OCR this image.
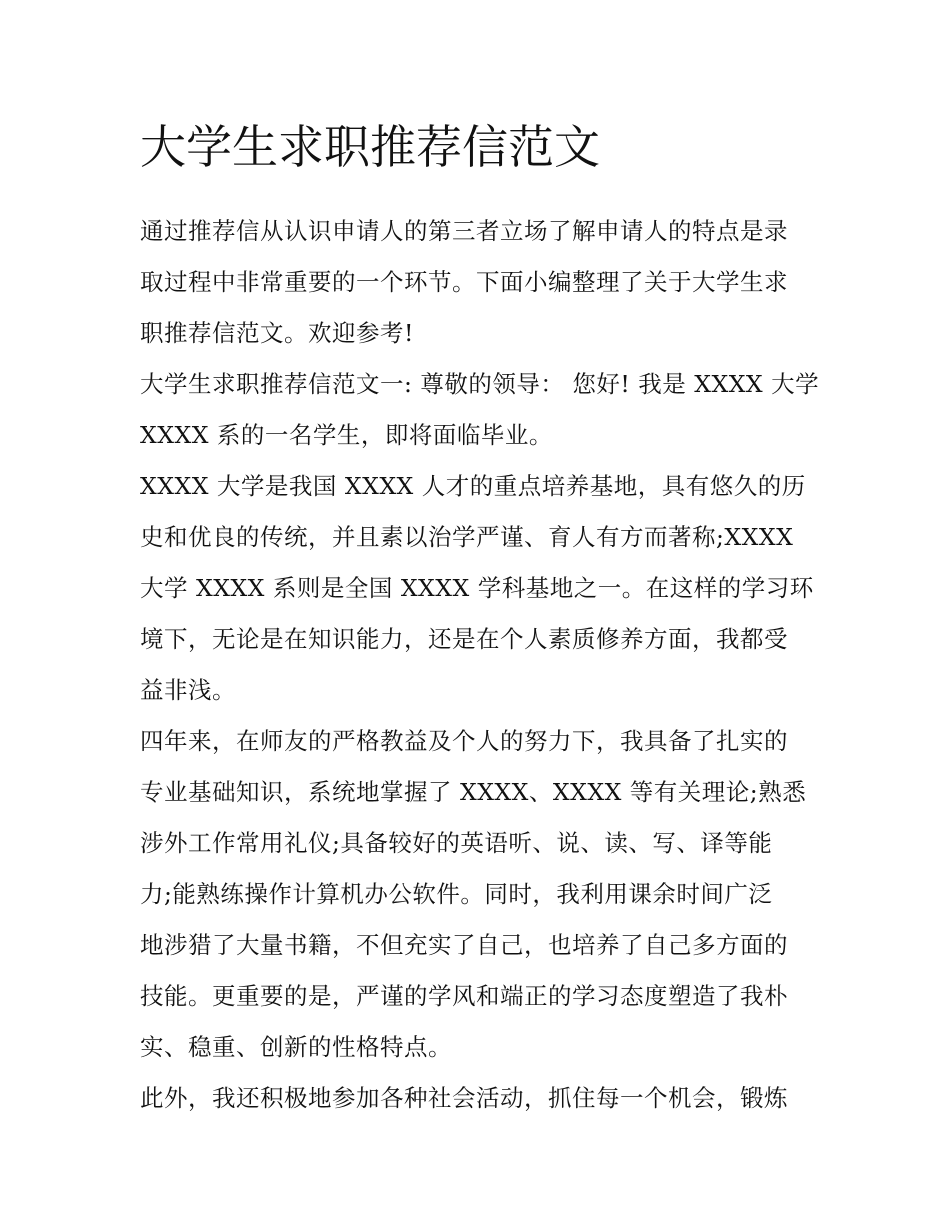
大学生求职推荐信范文

通过推荐信从认识申请人的第三者立场了解申请人的特点是录
取过程中非常重要的一个环节。下面小编整理了关于大学生求
职推荐信范文。欢迎参考!

大学生求职推荐信范文一: 尊敬的领导： 您好! 我是 XXXX 大学
XXXX 系的一名学生，即将面临毕业。

XXXX 大学是我国 XXXX 人才的重点培养基地，具有悠久的历
史和优良的传统，并且素以治学严谨、育人有方而著称;XXXX
大学 XXXX 系则是全国 XXXX 学科基地之一。在这样的学习环
境下，无论是在知识能力，还是在个人素质修养方面，我都受
益非浅。

四年来，在师友的严格教益及个人的努力下，我具备了扎实的
专业基础知识，系统地掌握了 XXXX、XXXX 等有关理论;熟悉
涉外工作常用礼仪;具备较好的英语听、说、读、写、译等能
力;能熟练操作计算机办公软件。同时，我利用课余时间广泛
地涉猎了大量书籍，不但充实了自己，也培养了自己多方面的
技能。更重要的是，严谨的学风和端正的学习态度塑造了我朴
实、稳重、创新的性格特点。

此外，我还积极地参加各种社会活动，抓住每一个机会，锻炼
